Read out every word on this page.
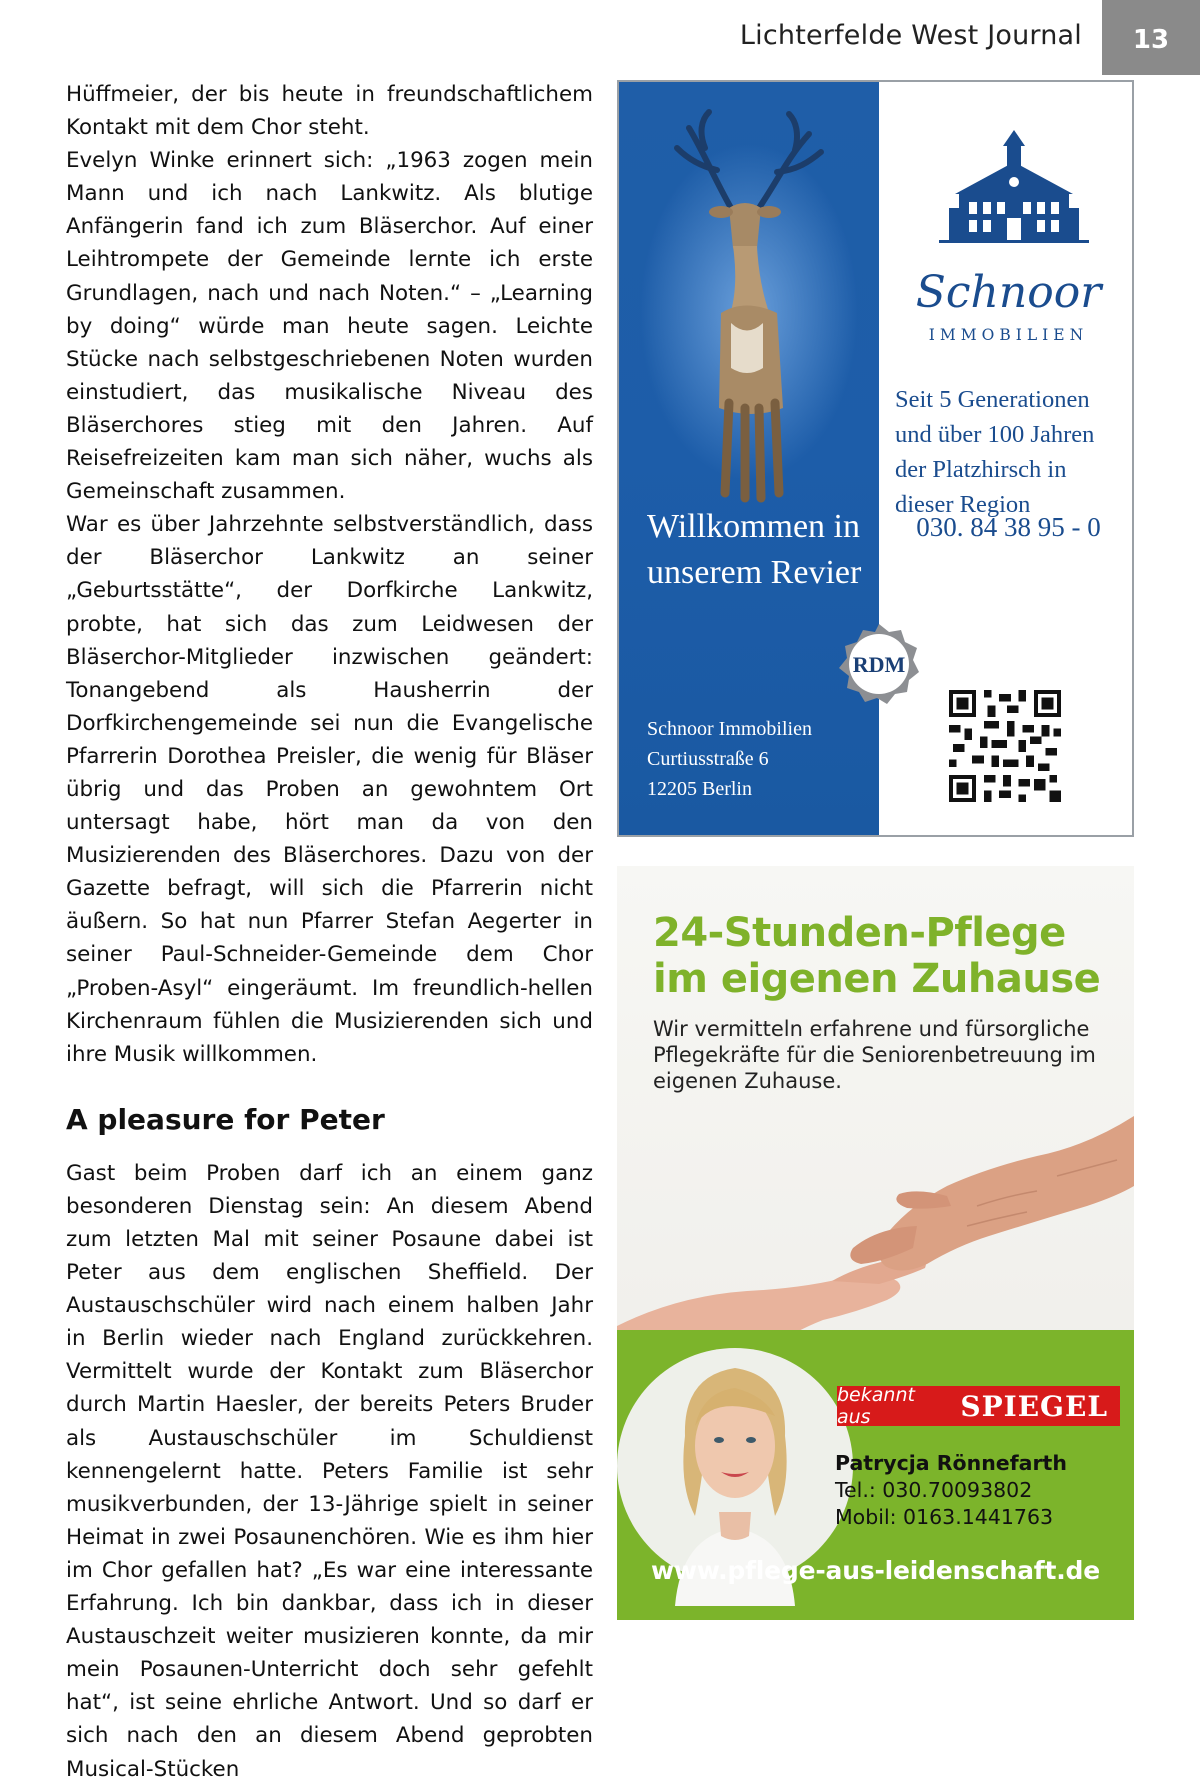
Lichterfelde West Journal	13

Hüffmeier, der bis heute in freundschaftlichem Kontakt mit dem Chor steht.

Evelyn Winke erinnert sich: „1963 zogen mein Mann und ich nach Lankwitz. Als blutige Anfängerin fand ich zum Bläserchor. Auf einer Leihtrompete der Gemeinde lernte ich erste Grundlagen, nach und nach Noten.“ – „Learning by doing“ würde man heute sagen. Leichte Stücke nach selbstgeschriebenen Noten wurden einstudiert, das musikalische Niveau des Bläserchores stieg mit den Jahren. Auf Reisefreizeiten kam man sich näher, wuchs als Gemeinschaft zusammen.

War es über Jahrzehnte selbstverständlich, dass der Bläserchor Lankwitz an seiner „Geburtsstätte“, der Dorfkirche Lankwitz, probte, hat sich das zum Leidwesen der Bläserchor-Mitglieder inzwischen geändert: Tonangebend als Hausherrin der Dorfkirchengemeinde sei nun die Evangelische Pfarrerin Dorothea Preisler, die wenig für Bläser übrig und das Proben an gewohntem Ort untersagt habe, hört man da von den Musizierenden des Bläserchores. Dazu von der Gazette befragt, will sich die Pfarrerin nicht äußern. So hat nun Pfarrer Stefan Aegerter in seiner Paul-Schneider-Gemeinde dem Chor „Proben-Asyl“ eingeräumt. Im freundlich-hellen Kirchenraum fühlen die Musizierenden sich und ihre Musik willkommen.

A pleasure for Peter

Gast beim Proben darf ich an einem ganz besonderen Dienstag sein: An diesem Abend zum letzten Mal mit seiner Posaune dabei ist Peter aus dem englischen Sheffield. Der Austauschschüler wird nach einem halben Jahr in Berlin wieder nach England zurückkehren. Vermittelt wurde der Kontakt zum Bläserchor durch Martin Haesler, der bereits Peters Bruder als Austauschschüler im Schuldienst kennengelernt hatte. Peters Familie ist sehr musikverbunden, der 13-Jährige spielt in seiner Heimat in zwei Posaunenchören. Wie es ihm hier im Chor gefallen hat? „Es war eine interessante Erfahrung. Ich bin dankbar, dass ich in dieser Austauschzeit weiter musizieren konnte, da mir mein Posaunen-Unterricht doch sehr gefehlt hat“, ist seine ehrliche Antwort. Und so darf er sich nach den an diesem Abend geprobten Musical-Stücken

Schnoor
IMMOBILIEN
Seit 5 Generationen und über 100 Jahren der Platzhirsch in dieser Region
030. 84 38 95 - 0
Willkommen in unserem Revier
RDM
Schnoor Immobilien
Curtiusstraße 6
12205 Berlin
24-Stunden-Pflege
im eigenen Zuhause
Wir vermitteln erfahrene und fürsorgliche Pflegekräfte für die Seniorenbetreuung im eigenen Zuhause.
bekannt aus	SPIEGEL
Patrycja Rönnefarth
Tel.: 030.70093802
Mobil: 0163.1441763
www.pflege-aus-leidenschaft.de
